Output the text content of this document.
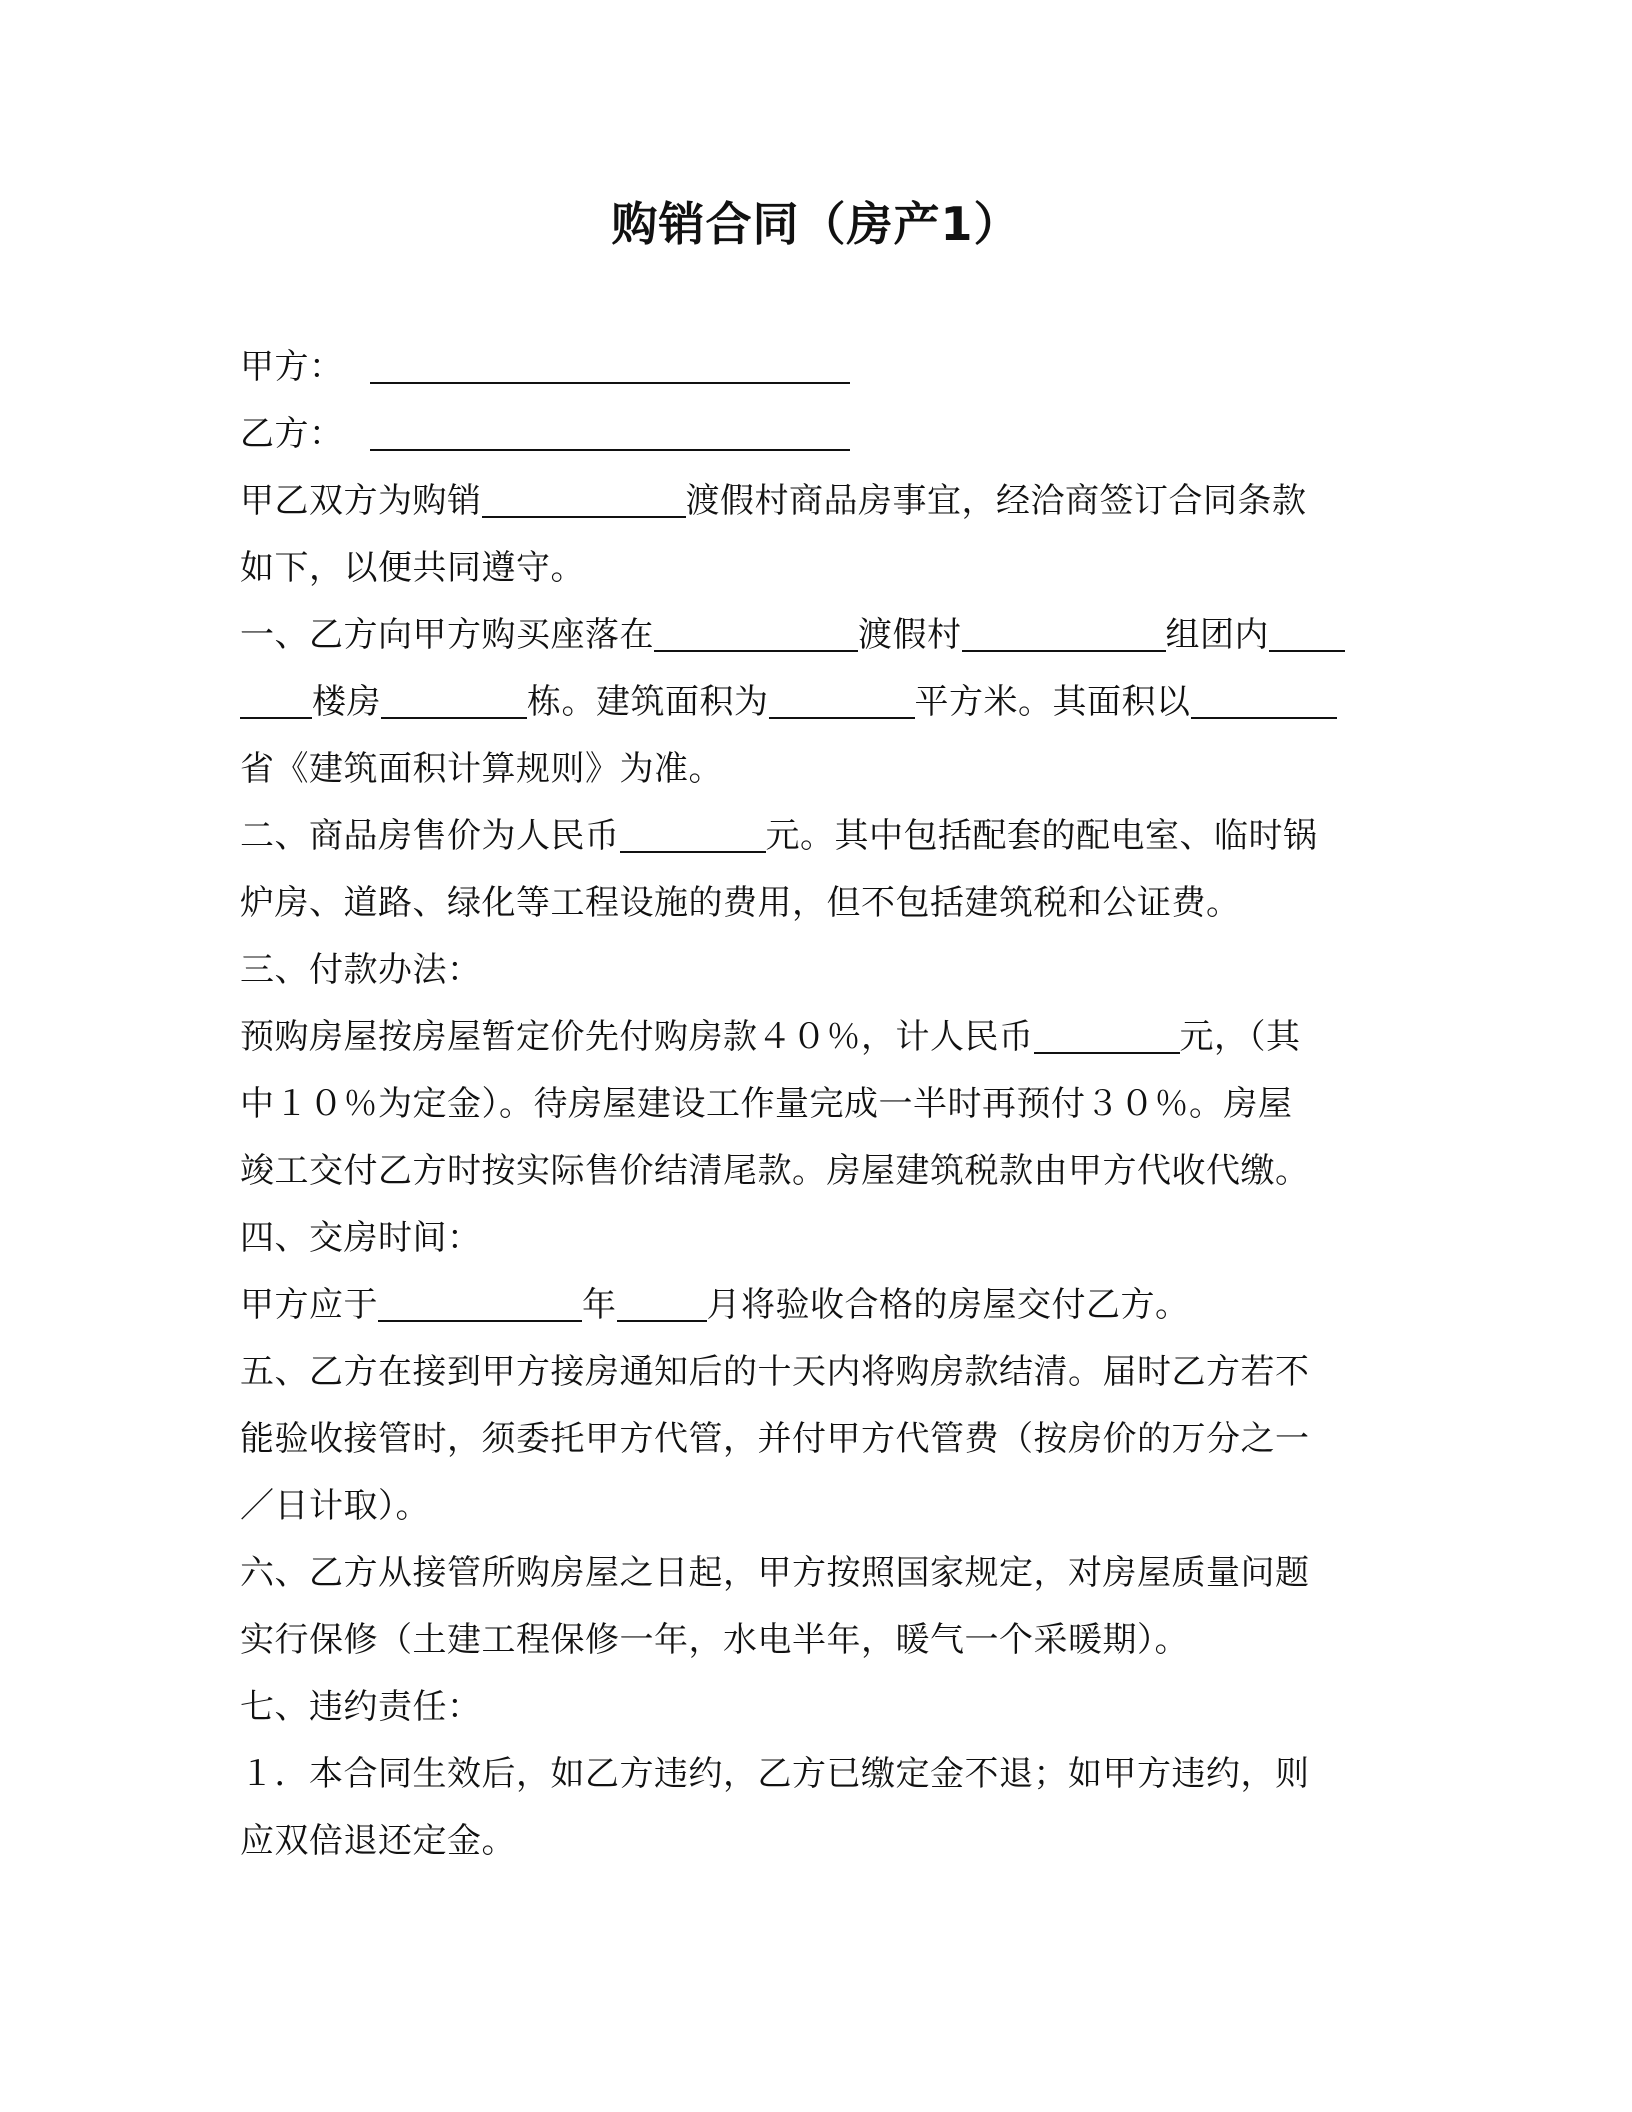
购销合同（房产1）
甲方：
乙方：
甲乙双方为购销	渡假村商品房事宜，经洽商签订合同条款
如下，以便共同遵守。
一、乙方向甲方购买座落在	渡假村	组团内
楼房	栋。建筑面积为	平方米。其面积以
省《建筑面积计算规则》为准。
二、商品房售价为人民币	元。其中包括配套的配电室、临时锅
炉房、道路、绿化等工程设施的费用，但不包括建筑税和公证费。
三、付款办法：
预购房屋按房屋暂定价先付购房款４０％，计人民币	元，（其
中１０％为定金）。待房屋建设工作量完成一半时再预付３０％。房屋
竣工交付乙方时按实际售价结清尾款。房屋建筑税款由甲方代收代缴。
四、交房时间：
甲方应于	年	月将验收合格的房屋交付乙方。
五、乙方在接到甲方接房通知后的十天内将购房款结清。届时乙方若不
能验收接管时，须委托甲方代管，并付甲方代管费（按房价的万分之一
／日计取）。
六、乙方从接管所购房屋之日起，甲方按照国家规定，对房屋质量问题
实行保修（土建工程保修一年，水电半年，暖气一个采暖期）。
七、违约责任：
１．本合同生效后，如乙方违约，乙方已缴定金不退；如甲方违约，则
应双倍退还定金。
